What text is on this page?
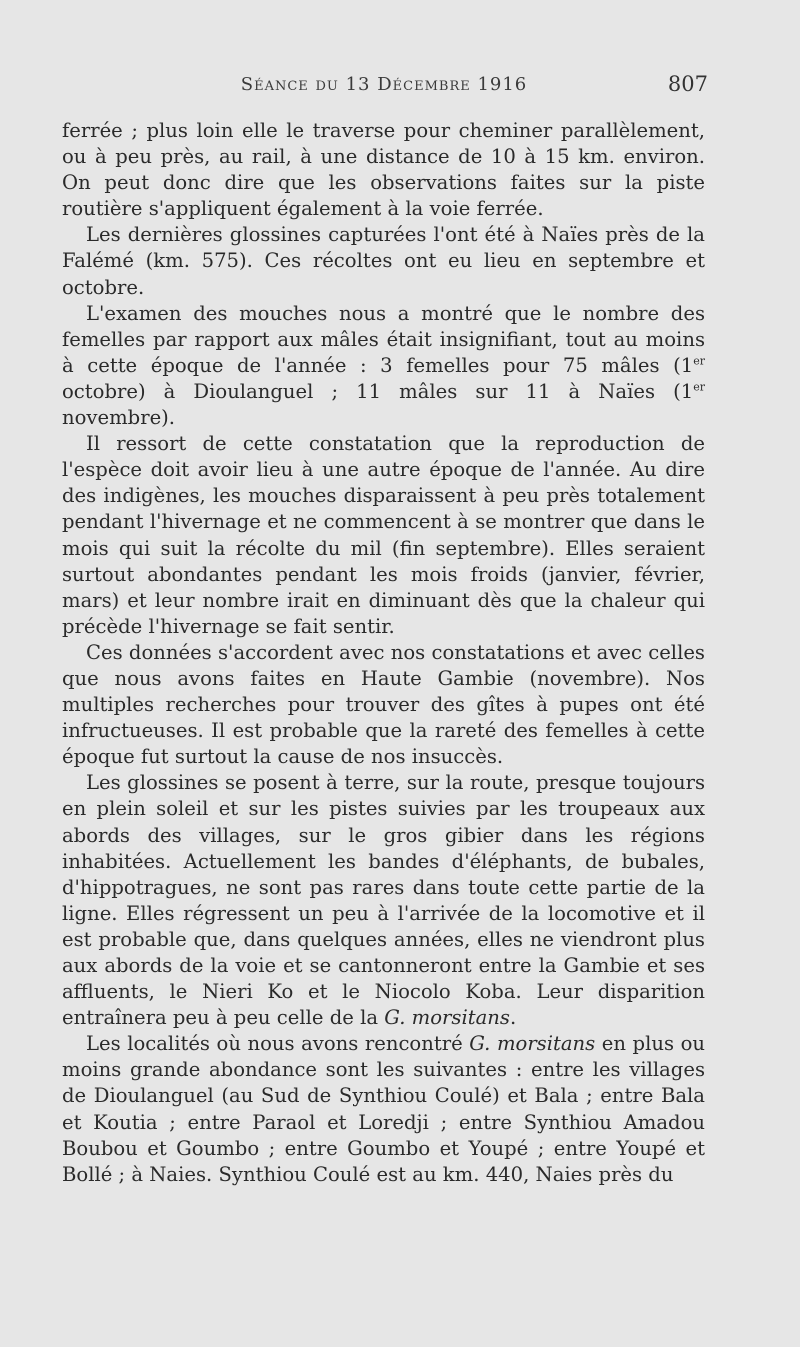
Séance du 13 Décembre 1916	807

ferrée ; plus loin elle le traverse pour cheminer parallèlement, ou à peu près, au rail, à une distance de 10 à 15 km. environ. On peut donc dire que les observations faites sur la piste routière s'appliquent également à la voie ferrée.

Les dernières glossines capturées l'ont été à Naïes près de la Falémé (km. 575). Ces récoltes ont eu lieu en septembre et octobre.

L'examen des mouches nous a montré que le nombre des femelles par rapport aux mâles était insignifiant, tout au moins à cette époque de l'année : 3 femelles pour 75 mâles (1er octobre) à Dioulanguel ; 11 mâles sur 11 à Naïes (1er novembre).

Il ressort de cette constatation que la reproduction de l'espèce doit avoir lieu à une autre époque de l'année. Au dire des indigènes, les mouches disparaissent à peu près totalement pendant l'hivernage et ne commencent à se montrer que dans le mois qui suit la récolte du mil (fin septembre). Elles seraient surtout abondantes pendant les mois froids (janvier, février, mars) et leur nombre irait en diminuant dès que la chaleur qui précède l'hivernage se fait sentir.

Ces données s'accordent avec nos constatations et avec celles que nous avons faites en Haute Gambie (novembre). Nos multiples recherches pour trouver des gîtes à pupes ont été infructueuses. Il est probable que la rareté des femelles à cette époque fut surtout la cause de nos insuccès.

Les glossines se posent à terre, sur la route, presque toujours en plein soleil et sur les pistes suivies par les troupeaux aux abords des villages, sur le gros gibier dans les régions inhabitées. Actuellement les bandes d'éléphants, de bubales, d'hippotragues, ne sont pas rares dans toute cette partie de la ligne. Elles régressent un peu à l'arrivée de la locomotive et il est probable que, dans quelques années, elles ne viendront plus aux abords de la voie et se cantonneront entre la Gambie et ses affluents, le Nieri Ko et le Niocolo Koba. Leur disparition entraînera peu à peu celle de la G. morsitans.

Les localités où nous avons rencontré G. morsitans en plus ou moins grande abondance sont les suivantes : entre les villages de Dioulanguel (au Sud de Synthiou Coulé) et Bala ; entre Bala et Koutia ; entre Paraol et Loredji ; entre Synthiou Amadou Boubou et Goumbo ; entre Goumbo et Youpé ; entre Youpé et Bollé ; à Naies. Synthiou Coulé est au km. 440, Naies près du
